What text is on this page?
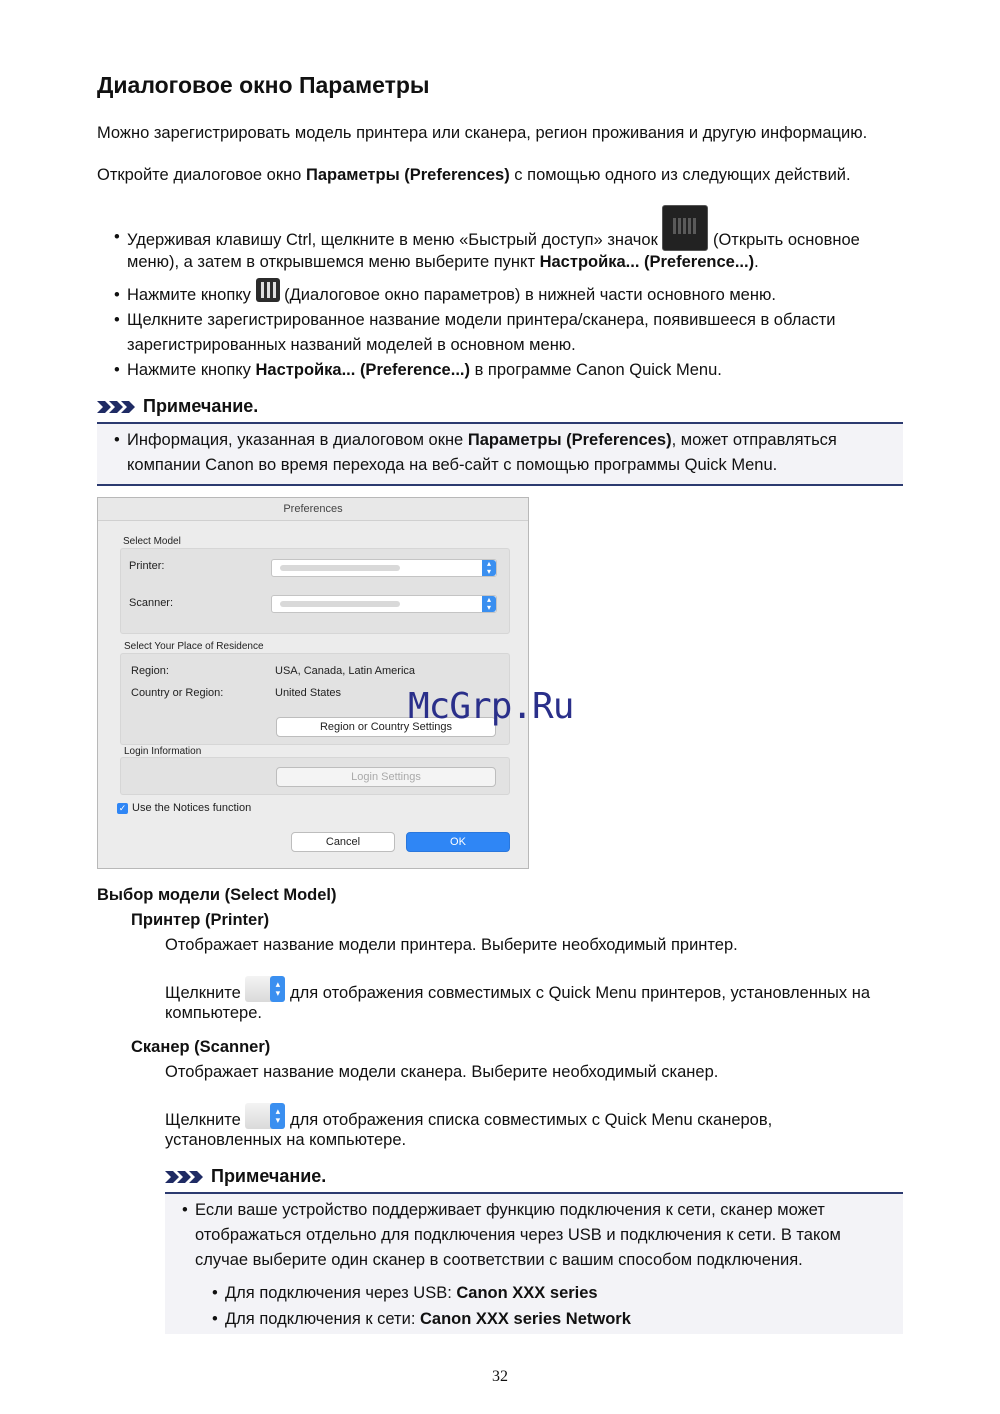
Диалоговое окно Параметры
Можно зарегистрировать модель принтера или сканера, регион проживания и другую информацию.
Откройте диалоговое окно Параметры (Preferences) с помощью одного из следующих действий.
• Удерживая клавишу Ctrl, щелкните в меню «Быстрый доступ» значок	(Открыть основное
меню), а затем в открывшемся меню выберите пункт Настройка... (Preference...).
• Нажмите кнопку
(Диалоговое окно параметров) в нижней части основного меню.
• Щелкните зарегистрированное название модели принтера/сканера, появившееся в области
зарегистрированных названий моделей в основном меню.
• Нажмите кнопку Настройка... (Preference...) в программе Canon Quick Menu.
Примечание.
• Информация, указанная в диалоговом окне Параметры (Preferences), может отправляться
компании Canon во время перехода на веб-сайт с помощью программы Quick Menu.
Preferences
Select Model
Printer:	▴
▾
Scanner:	▴
▾
Select Your Place of Residence
Region:	USA, Canada, Latin America
Country or Region:	United States
Region or Country Settings
Login Information
Login Settings
✓ Use the Notices function
Cancel	OK
McGrp.Ru
Выбор модели (Select Model)
Принтер (Printer)
Отображает название модели принтера. Выберите необходимый принтер.
Щелкните	▴
▾ для отображения совместимых с Quick Menu принтеров, установленных на
компьютере.
Сканер (Scanner)
Отображает название модели сканера. Выберите необходимый сканер.
Щелкните	▴
▾ для отображения списка совместимых с Quick Menu сканеров,
установленных на компьютере.
Примечание.
• Если ваше устройство поддерживает функцию подключения к сети, сканер может
отображаться отдельно для подключения через USB и подключения к сети. В таком
случае выберите один сканер в соответствии с вашим способом подключения.
• Для подключения через USB: Canon XXX series
• Для подключения к сети: Canon XXX series Network
32
